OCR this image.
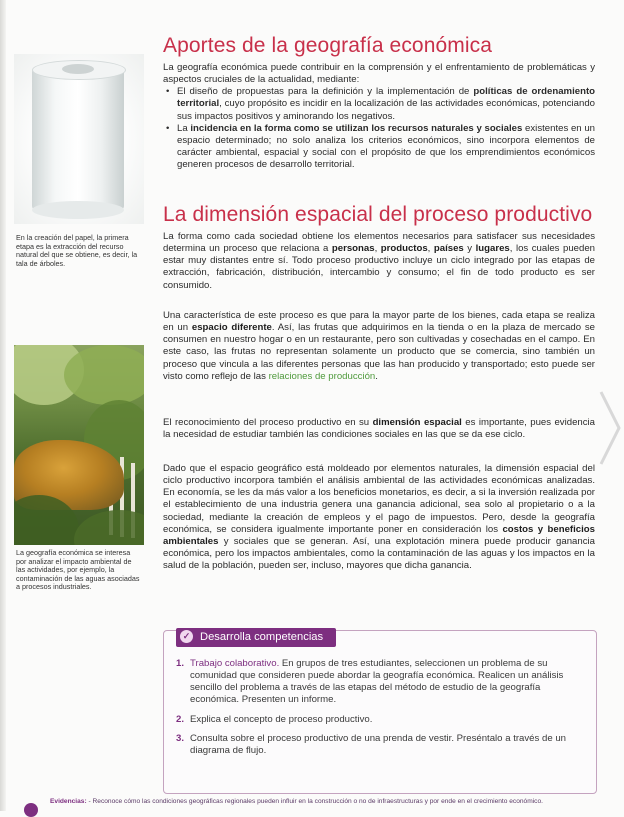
En la creación del papel, la primera etapa es la extracción del recurso natural del que se obtiene, es decir, la tala de árboles.
La geografía económica se interesa por analizar el impacto ambiental de las actividades, por ejemplo, la contaminación de las aguas asociadas a procesos industriales.
Aportes de la geografía económica

La geografía económica puede contribuir en la comprensión y el enfrentamiento de problemáticas y aspectos cruciales de la actualidad, mediante:

• El diseño de propuestas para la definición y la implementación de políticas de ordenamiento territorial, cuyo propósito es incidir en la localización de las actividades económicas, potenciando sus impactos positivos y aminorando los negativos.
• La incidencia en la forma como se utilizan los recursos naturales y sociales existentes en un espacio determinado; no solo analiza los criterios económicos, sino incorpora elementos de carácter ambiental, espacial y social con el propósito de que los emprendimientos económicos generen procesos de desarrollo territorial.
La dimensión espacial del proceso productivo

La forma como cada sociedad obtiene los elementos necesarios para satisfacer sus necesidades determina un proceso que relaciona a personas, productos, países y lugares, los cuales pueden estar muy distantes entre sí. Todo proceso productivo incluye un ciclo integrado por las etapas de extracción, fabricación, distribución, intercambio y consumo; el fin de todo producto es ser consumido.

Una característica de este proceso es que para la mayor parte de los bienes, cada etapa se realiza en un espacio diferente. Así, las frutas que adquirimos en la tienda o en la plaza de mercado se consumen en nuestro hogar o en un restaurante, pero son cultivadas y cosechadas en el campo. En este caso, las frutas no representan solamente un producto que se comercia, sino también un proceso que vincula a las diferentes personas que las han producido y transportado; esto puede ser visto como reflejo de las relaciones de producción.

El reconocimiento del proceso productivo en su dimensión espacial es importante, pues evidencia la necesidad de estudiar también las condiciones sociales en las que se da ese ciclo.

Dado que el espacio geográfico está moldeado por elementos naturales, la dimensión espacial del ciclo productivo incorpora también el análisis ambiental de las actividades económicas analizadas. En economía, se les da más valor a los beneficios monetarios, es decir, a si la inversión realizada por el establecimiento de una industria genera una ganancia adicional, sea solo al propietario o a la sociedad, mediante la creación de empleos y el pago de impuestos. Pero, desde la geografía económica, se considera igualmente importante poner en consideración los costos y beneficios ambientales y sociales que se generan. Así, una explotación minera puede producir ganancia económica, pero los impactos ambientales, como la contaminación de las aguas y los impactos en la salud de la población, pueden ser, incluso, mayores que dicha ganancia.

✓ Desarrolla competencias
1. Trabajo colaborativo. En grupos de tres estudiantes, seleccionen un problema de su comunidad que consideren puede abordar la geografía económica. Realicen un análisis sencillo del problema a través de las etapas del método de estudio de la geografía económica. Presenten un informe.
2. Explica el concepto de proceso productivo.
3. Consulta sobre el proceso productivo de una prenda de vestir. Preséntalo a través de un diagrama de flujo.
Evidencias: - Reconoce cómo las condiciones geográficas regionales pueden influir en la construcción o no de infraestructuras y por ende en el crecimiento económico.
